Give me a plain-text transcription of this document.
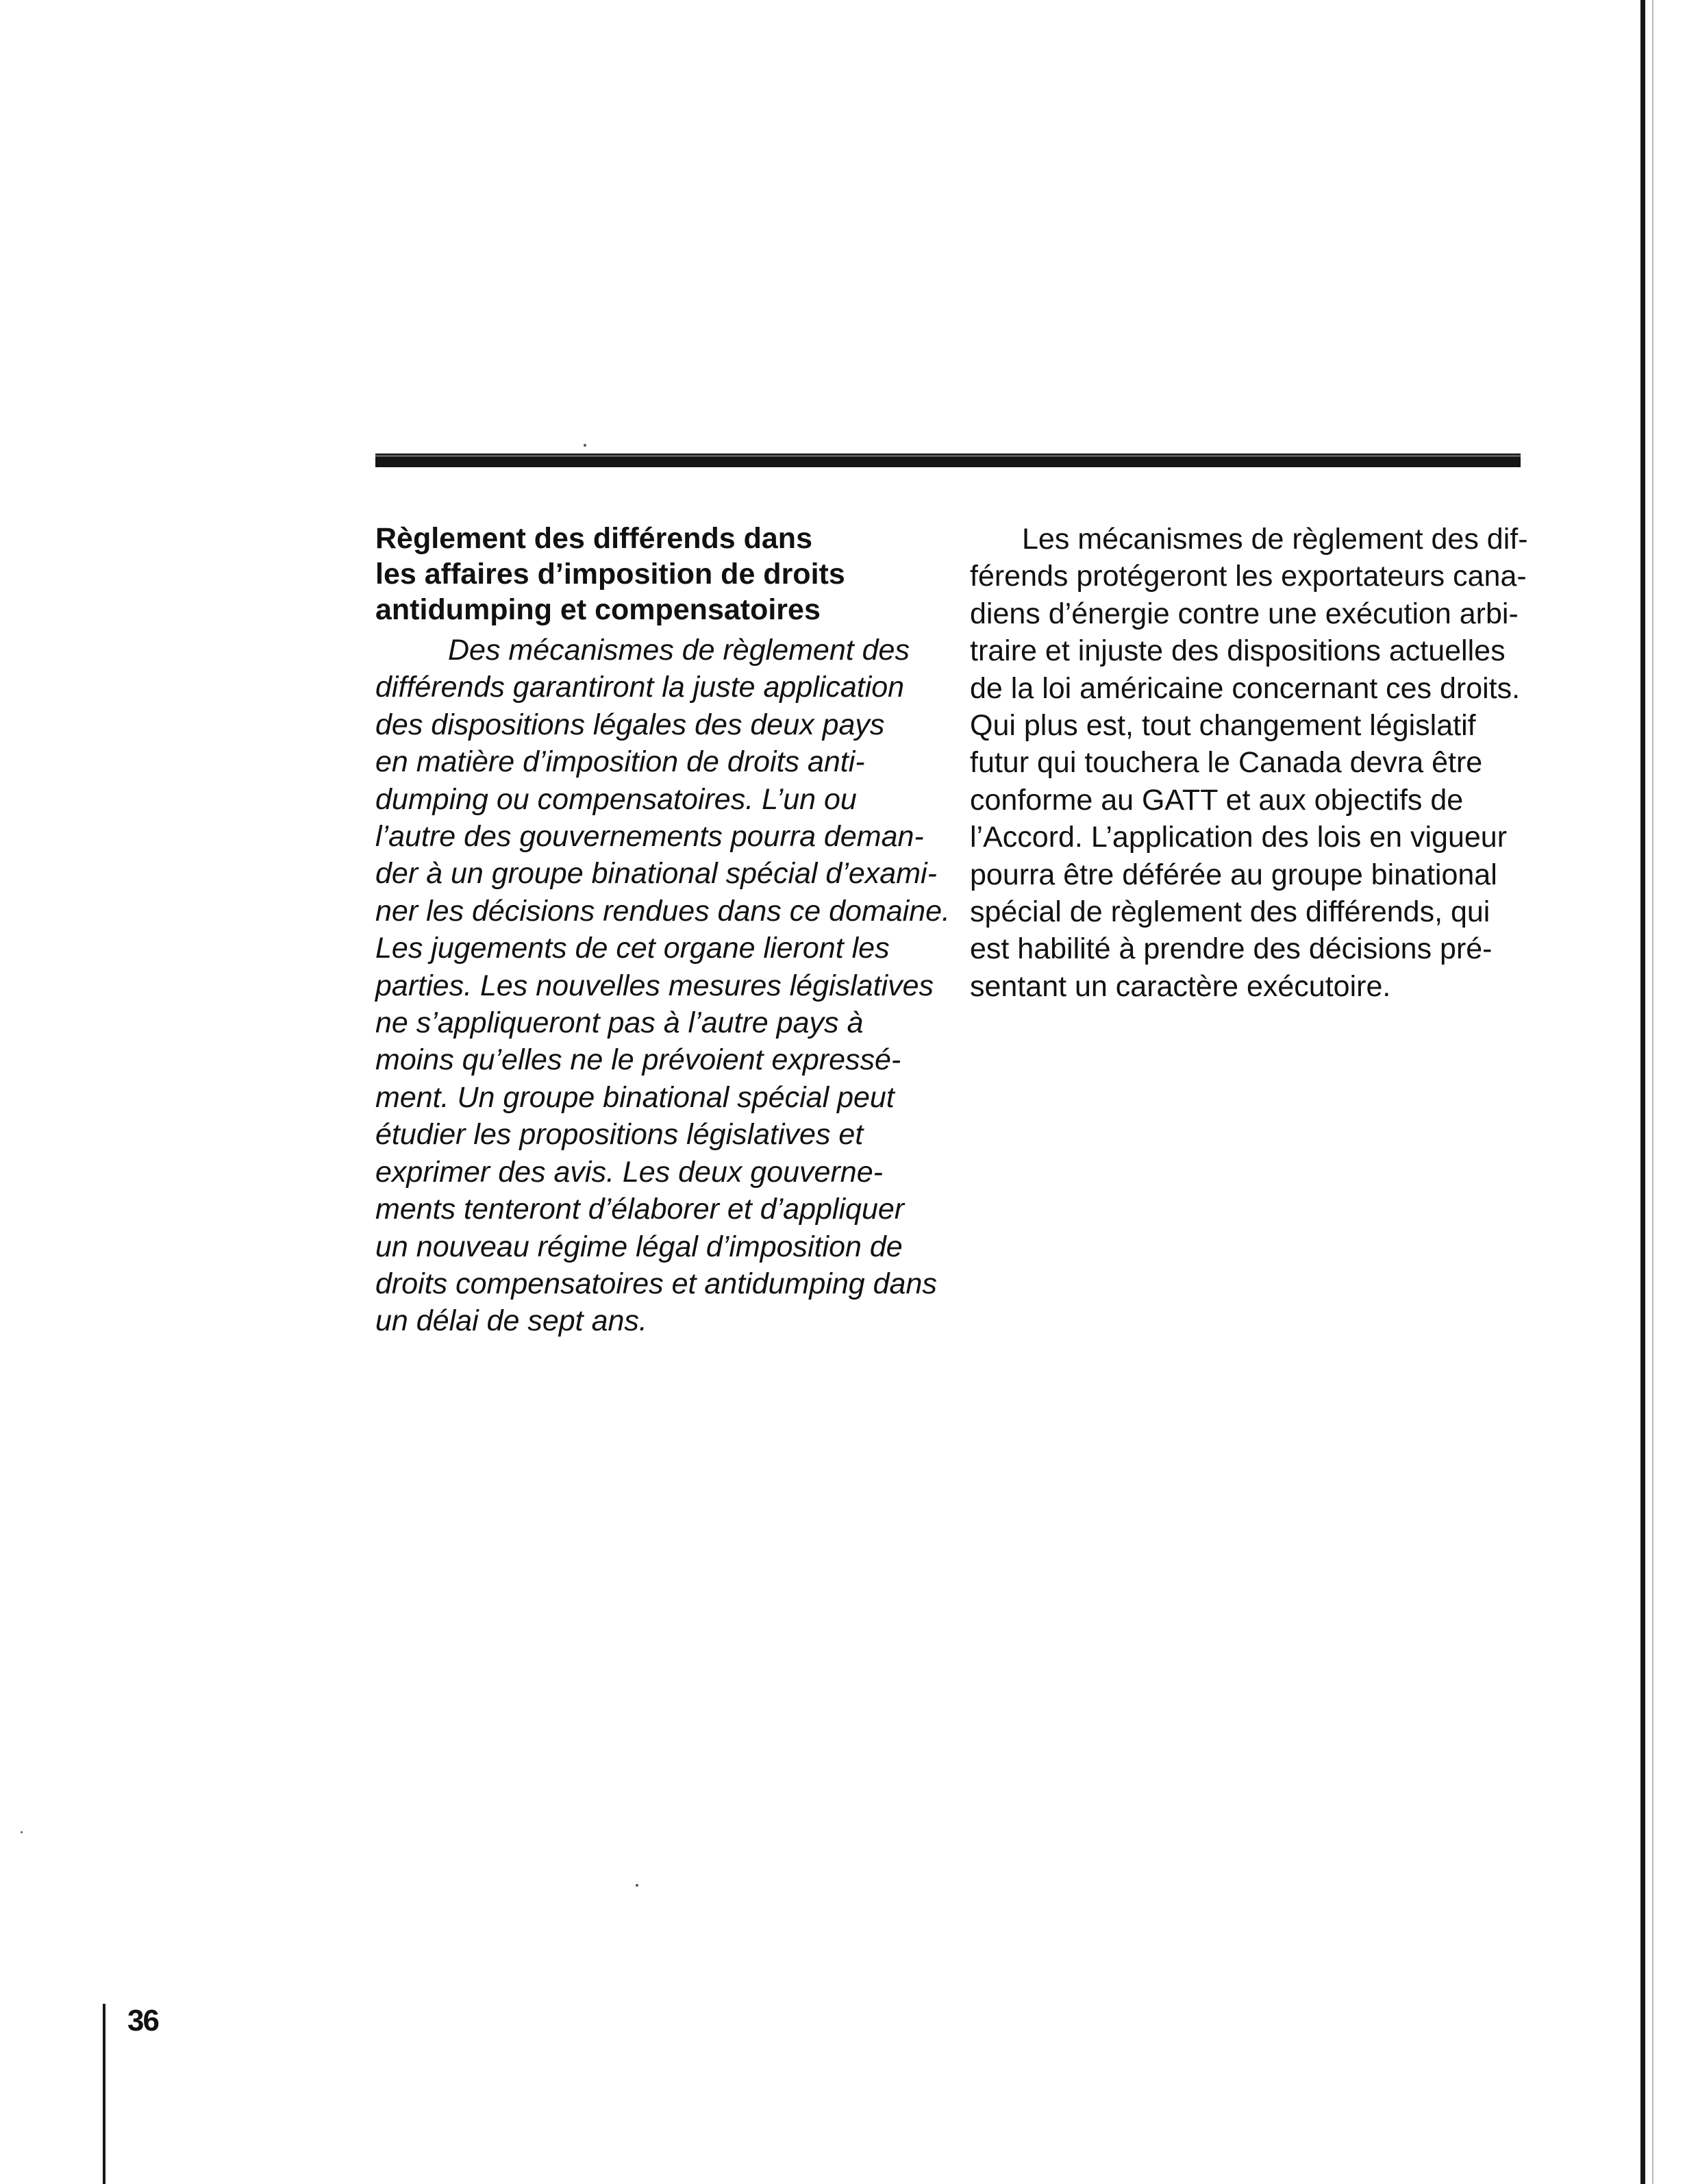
36
Règlement des différends dans
les affaires d’imposition de droits
antidumping et compensatoires
Des mécanismes de règlement des
différends garantiront la juste application
des dispositions légales des deux pays
en matière d’imposition de droits anti-
dumping ou compensatoires. L’un ou
l’autre des gouvernements pourra deman-
der à un groupe binational spécial d’exami-
ner les décisions rendues dans ce domaine.
Les jugements de cet organe lieront les
parties. Les nouvelles mesures législatives
ne s’appliqueront pas à l’autre pays à
moins qu’elles ne le prévoient expressé-
ment. Un groupe binational spécial peut
étudier les propositions législatives et
exprimer des avis. Les deux gouverne-
ments tenteront d’élaborer et d’appliquer
un nouveau régime légal d’imposition de
droits compensatoires et antidumping dans
un délai de sept ans.
Les mécanismes de règlement des dif-
férends protégeront les exportateurs cana-
diens d’énergie contre une exécution arbi-
traire et injuste des dispositions actuelles
de la loi américaine concernant ces droits.
Qui plus est, tout changement législatif
futur qui touchera le Canada devra être
conforme au GATT et aux objectifs de
l’Accord. L’application des lois en vigueur
pourra être déférée au groupe binational
spécial de règlement des différends, qui
est habilité à prendre des décisions pré-
sentant un caractère exécutoire.
